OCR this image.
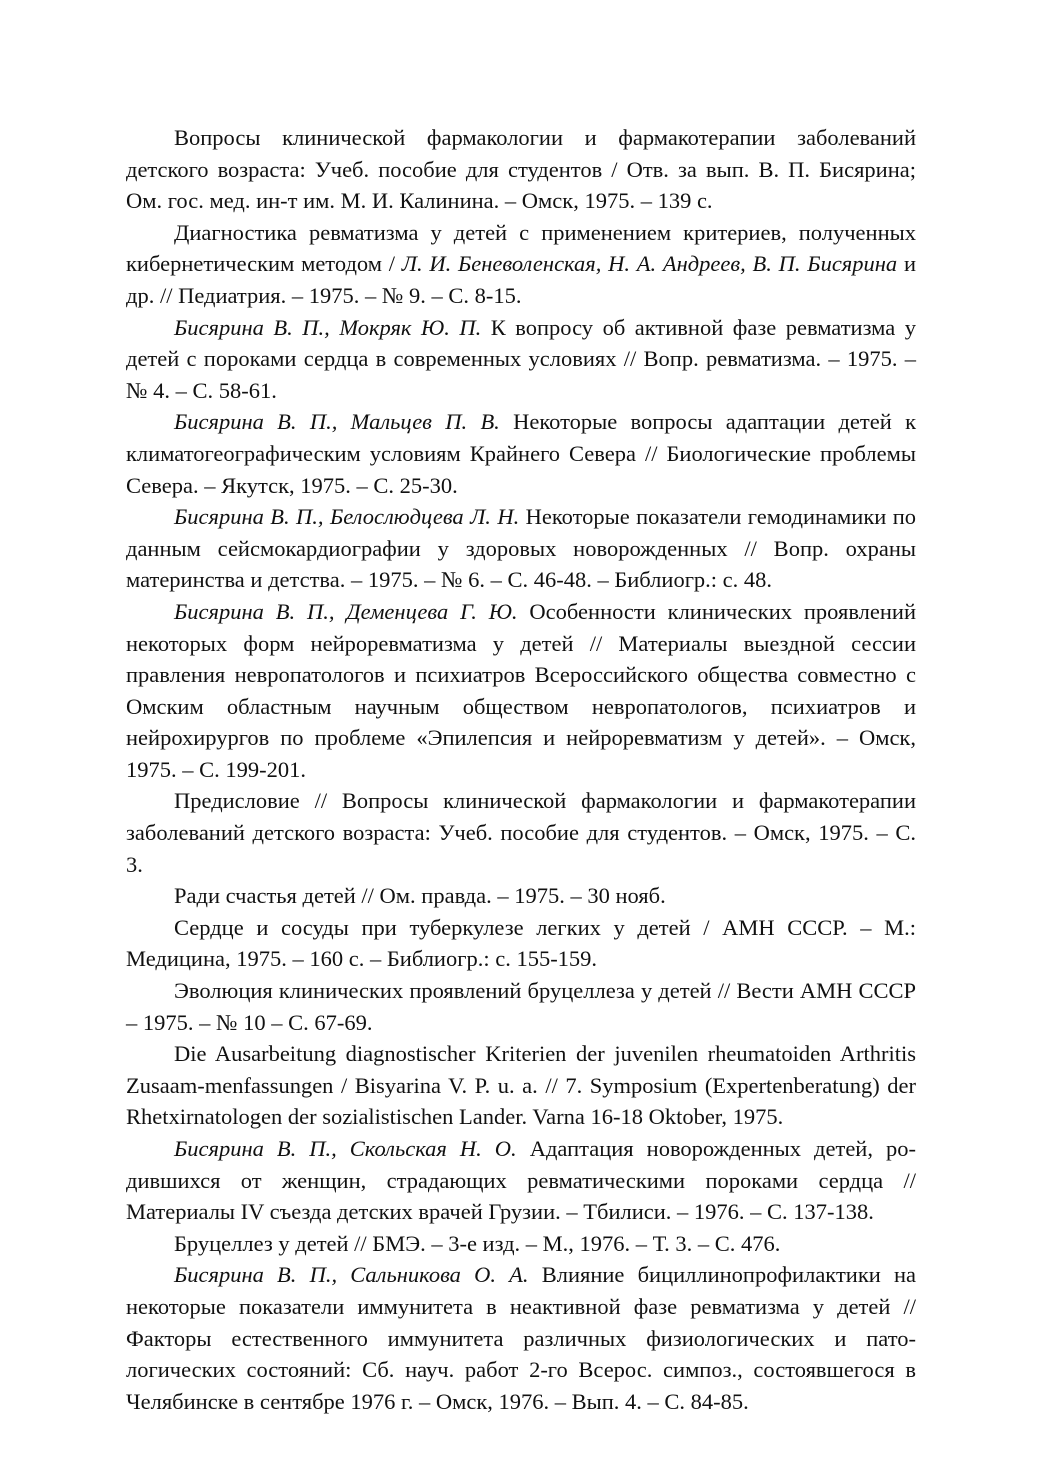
Вопросы клинической фармакологии и фармакотерапии заболеваний детского возраста: Учеб. пособие для студентов / Отв. за вып. В. П. Бисярина; Ом. гос. мед. ин-т им. М. И. Калинина. – Омск, 1975. – 139 с.

Диагностика ревматизма у детей с применением критериев, полученных кибернетическим методом / Л. И. Беневоленская, Н. А. Андреев, В. П. Бисярина и др. // Педиатрия. – 1975. – № 9. – С. 8-15.

Бисярина В. П., Мокряк Ю. П. К вопросу об активной фазе ревматизма у детей с пороками сердца в современных условиях // Вопр. ревматизма. – 1975. – № 4. – С. 58-61.

Бисярина В. П., Мальцев П. В. Некоторые вопросы адаптации детей к климатогеографическим условиям Крайнего Севера // Биологические проблемы Севера. – Якутск, 1975. – С. 25-30.

Бисярина В. П., Белослюдцева Л. Н. Некоторые показатели гемодинамики по данным сейсмокардиографии у здоровых новорожденных // Вопр. охраны материнства и детства. – 1975. – № 6. – С. 46-48. – Библиогр.: с. 48.

Бисярина В. П., Деменцева Г. Ю. Особенности клинических проявлений некоторых форм нейроревматизма у детей // Материалы выездной сессии правления невропатологов и психиатров Всероссийского общества совместно с Омским областным научным обществом невропатологов, психиатров и нейрохирургов по проблеме «Эпилепсия и нейроревматизм у детей». – Омск, 1975. – С. 199-201.

Предисловие // Вопросы клинической фармакологии и фармакотерапии заболеваний детского возраста: Учеб. пособие для студентов. – Омск, 1975. – С. 3.

Ради счастья детей // Ом. правда. – 1975. – 30 нояб.

Сердце и сосуды при туберкулезе легких у детей / АМН СССР. – М.: Медицина, 1975. – 160 с. – Библиогр.: с. 155-159.

Эволюция клинических проявлений бруцеллеза у детей // Вести АМН СССР – 1975. – № 10 – С. 67-69.

Die Ausarbeitung diagnostischer Kriterien der juvenilen rheumatoiden Arthritis Zusaam-menfassungen / Bisyarina V. P. u. a. // 7. Symposium (Expertenberatung) der Rhetxirnatologen der sozialistischen Lander. Varna 16-18 Oktober, 1975.

Бисярина В. П., Скольская Н. О. Адаптация новорожденных детей, родившихся от женщин, страдающих ревматическими пороками сердца // Материалы IV съезда детских врачей Грузии. – Тбилиси. – 1976. – С. 137-138.

Бруцеллез у детей // БМЭ. – 3-е изд. – М., 1976. – Т. 3. – С. 476.

Бисярина В. П., Сальникова О. А. Влияние бициллинопрофилактики на некоторые показатели иммунитета в неактивной фазе ревматизма у детей // Факторы естественного иммунитета различных физиологических и патологических состояний: Сб. науч. работ 2-го Всерос. симпоз., состоявшегося в Челябинске в сентябре 1976 г. – Омск, 1976. – Вып. 4. – С. 84-85.
